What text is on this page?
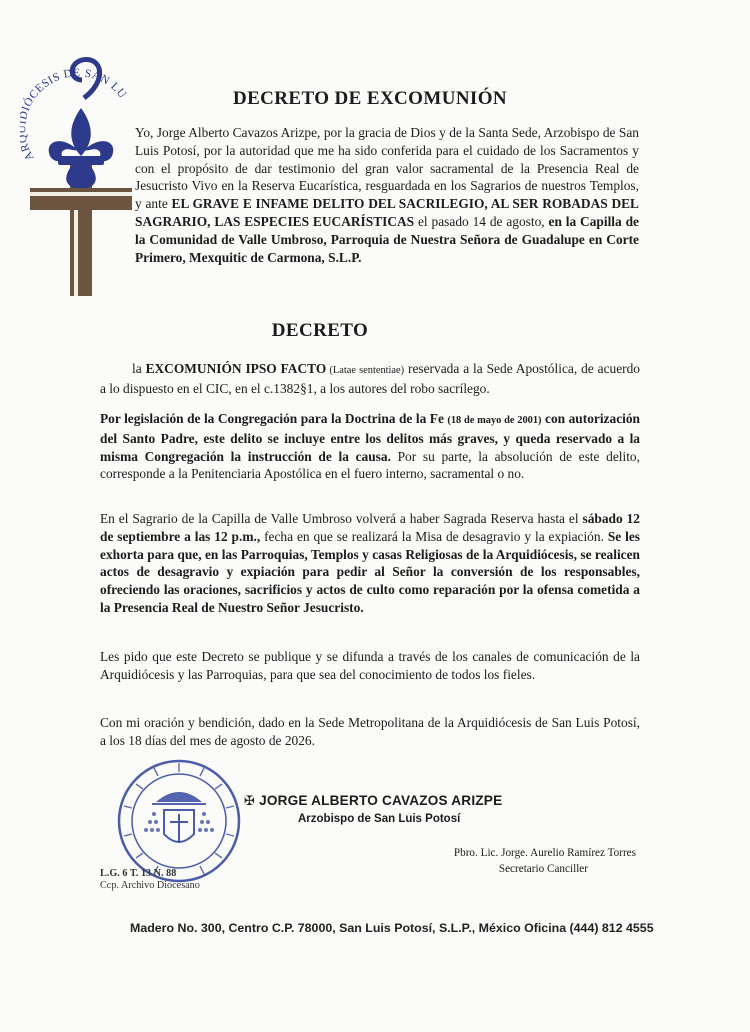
A IÓCESIS DE SAN LU	DECRETO DE EXCOMUNIÓN
Yo, Jorge Alberto Cavazos Arizpe, por la gracia de Dios y de la Santa Sede, Arzobispo de San Luis Potosí, por la autoridad que me ha sido conferida para el cuidado de los Sacramentos y con el propósito de dar testimonio del gran valor sacramental de la Presencia Real de Jesucristo Vivo en la Reserva Eucarística, resguardada en los Sagrarios de nuestros Templos, y ante EL GRAVE E INFAME DELITO DEL SACRILEGIO, AL SER ROBADAS DEL SAGRARIO, LAS ESPECIES EUCARÍSTICAS el pasado 14 de agosto, en la Capilla de la Comunidad de Valle Umbroso, Parroquia de Nuestra Señora de Guadalupe en Corte Primero, Mexquitic de Carmona, S.L.P.
DECRETO
la EXCOMUNIÓN IPSO FACTO (Latae sententiae) reservada a la Sede Apostólica, de acuerdo a lo dispuesto en el CIC, en el c.1382§1, a los autores del robo sacrílego.
Por legislación de la Congregación para la Doctrina de la Fe (18 de mayo de 2001) con autorización del Santo Padre, este delito se incluye entre los delitos más graves, y queda reservado a la misma Congregación la instrucción de la causa. Por su parte, la absolución de este delito, corresponde a la Penitenciaria Apostólica en el fuero interno, sacramental o no.
En el Sagrario de la Capilla de Valle Umbroso volverá a haber Sagrada Reserva hasta el sábado 12 de septiembre a las 12 p.m., fecha en que se realizará la Misa de desagravio y la expiación. Se les exhorta para que, en las Parroquias, Templos y casas Religiosas de la Arquidiócesis, se realicen actos de desagravio y expiación para pedir al Señor la conversión de los responsables, ofreciendo las oraciones, sacrificios y actos de culto como reparación por la ofensa cometida a la Presencia Real de Nuestro Señor Jesucristo.
Les pido que este Decreto se publique y se difunda a través de los canales de comunicación de la Arquidiócesis y las Parroquias, para que sea del conocimiento de todos los fieles.
Con mi oración y bendición, dado en la Sede Metropolitana de la Arquidiócesis de San Luis Potosí, a los 18 días del mes de agosto de 2026.
✠ JORGE ALBERTO CAVAZOS ARIZPE
Arzobispo de San Luis Potosí
Pbro. Lic. Jorge. Aurelio Ramírez Torres
Secretario Canciller
L.G. 6 T. 13 N. 88
Ccp. Archivo Diocesano
Madero No. 300, Centro C.P. 78000, San Luis Potosí, S.L.P., México Oficina (444) 812 4555
